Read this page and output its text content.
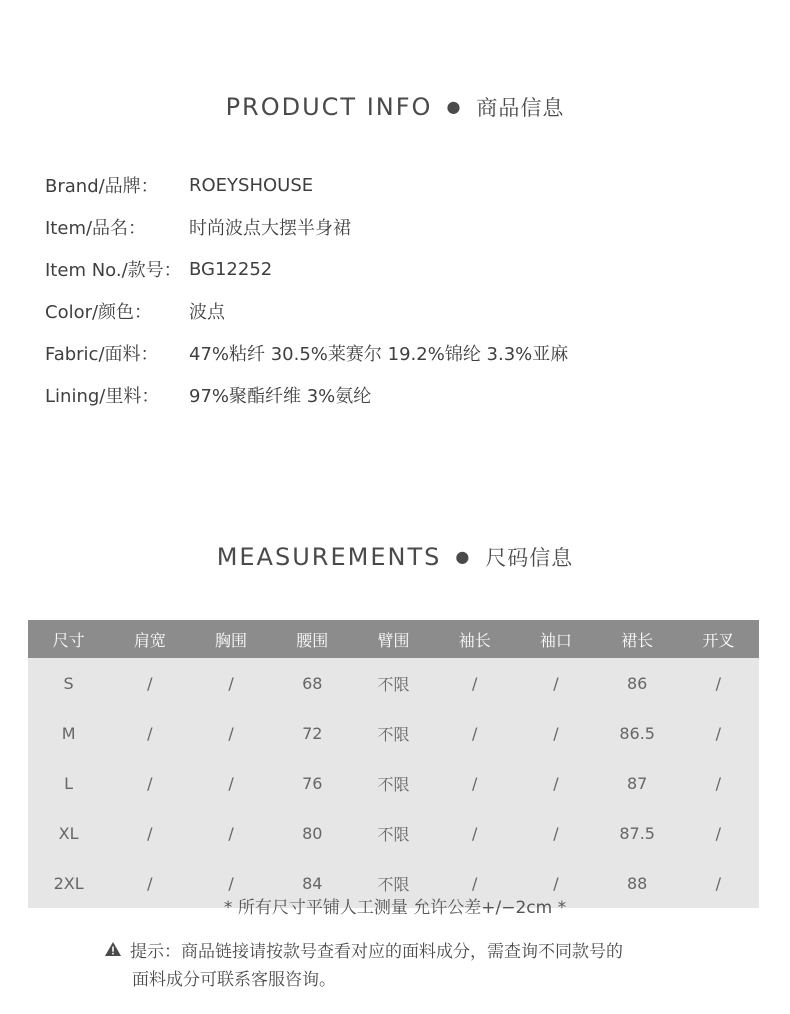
PRODUCT INFO ● 商品信息
Brand/品牌：	ROEYSHOUSE
Item/品名：	时尚波点大摆半身裙
Item No./款号： BG12252
Color/颜色：	波点
Fabric/面料：	47%粘纤 30.5%莱赛尔 19.2%锦纶 3.3%亚麻
Lining/里料：	97%聚酯纤维 3%氨纶
MEASUREMENTS ● 尺码信息
尺寸	肩宽	胸围	腰围	臂围	袖长	袖口	裙长	开叉
S	/	/	68	不限	/	/	86	/
M	/	/	72	不限	/	/	86.5	/
L	/	/	76	不限	/	/	87	/
XL	/	/	80	不限	/	/	87.5	/
2XL	/	/	84	不限	/	/	88	/
* 所有尺寸平铺人工测量 允许公差+/−2cm *
提示：商品链接请按款号查看对应的面料成分，需查询不同款号的
面料成分可联系客服咨询。
